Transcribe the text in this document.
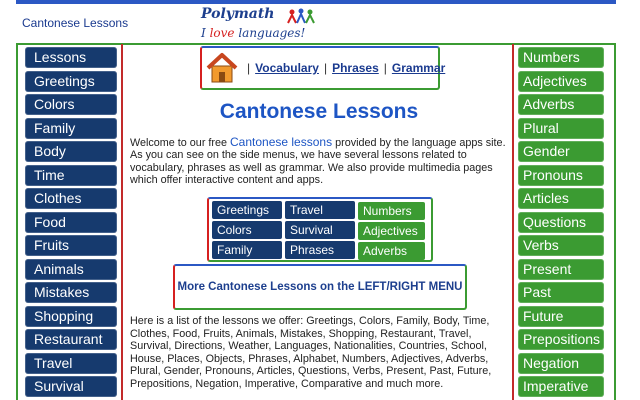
Cantonese Lessons
Polymath
I love languages!
Lessons
Greetings
Colors
Family
Body
Time
Clothes
Food
Fruits
Animals
Mistakes
Shopping
Restaurant
Travel
Survival
Numbers
Adjectives
Adverbs
Plural
Gender
Pronouns
Articles
Questions
Verbs
Present
Past
Future
Prepositions
Negation
Imperative
| Vocabulary | Phrases | Grammar
Cantonese Lessons

Welcome to our free Cantonese lessons provided by the language apps site. As you can see on the side menus, we have several lessons related to vocabulary, phrases as well as grammar. We also provide multimedia pages which offer interactive content and apps.

Greetings	Travel	Numbers
Colors	Survival	Adjectives
Family	Phrases	Adverbs
More Cantonese Lessons on the LEFT/RIGHT MENU

Here is a list of the lessons we offer: Greetings, Colors, Family, Body, Time, Clothes, Food, Fruits, Animals, Mistakes, Shopping, Restaurant, Travel, Survival, Directions, Weather, Languages, Nationalities, Countries, School, House, Places, Objects, Phrases, Alphabet, Numbers, Adjectives, Adverbs, Plural, Gender, Pronouns, Articles, Questions, Verbs, Present, Past, Future, Prepositions, Negation, Imperative, Comparative and much more.
